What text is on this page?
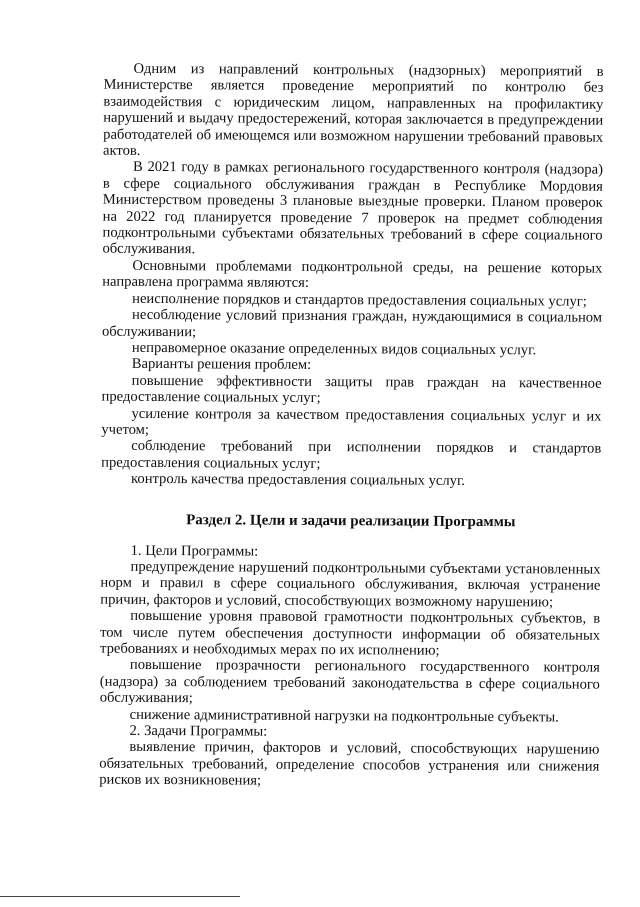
Одним из направлений контрольных (надзорных) мероприятий в Министерстве является проведение мероприятий по контролю без взаимодействия с юридическим лицом, направленных на профилактику нарушений и выдачу предостережений, которая заключается в предупреждении работодателей об имеющемся или возможном нарушении требований правовых актов.

В 2021 году в рамках регионального государственного контроля (надзора) в сфере социального обслуживания граждан в Республике Мордовия Министерством проведены 3 плановые выездные проверки. Планом проверок на 2022 год планируется проведение 7 проверок на предмет соблюдения подконтрольными субъектами обязательных требований в сфере социального обслуживания.

Основными проблемами подконтрольной среды, на решение которых направлена программа являются:

неисполнение порядков и стандартов предоставления социальных услуг;

несоблюдение условий признания граждан, нуждающимися в социальном обслуживании;

неправомерное оказание определенных видов социальных услуг.

Варианты решения проблем:

повышение эффективности защиты прав граждан на качественное предоставление социальных услуг;

усиление контроля за качеством предоставления социальных услуг и их учетом;

соблюдение требований при исполнении порядков и стандартов предоставления социальных услуг;

контроль качества предоставления социальных услуг.

Раздел 2. Цели и задачи реализации Программы

1. Цели Программы:

предупреждение нарушений подконтрольными субъектами установленных норм и правил в сфере социального обслуживания, включая устранение причин, факторов и условий, способствующих возможному нарушению;

повышение уровня правовой грамотности подконтрольных субъектов, в том числе путем обеспечения доступности информации об обязательных требованиях и необходимых мерах по их исполнению;

повышение прозрачности регионального государственного контроля (надзора) за соблюдением требований законодательства в сфере социального обслуживания;

снижение административной нагрузки на подконтрольные субъекты.

2. Задачи Программы:

выявление причин, факторов и условий, способствующих нарушению обязательных требований, определение способов устранения или снижения рисков их возникновения;
